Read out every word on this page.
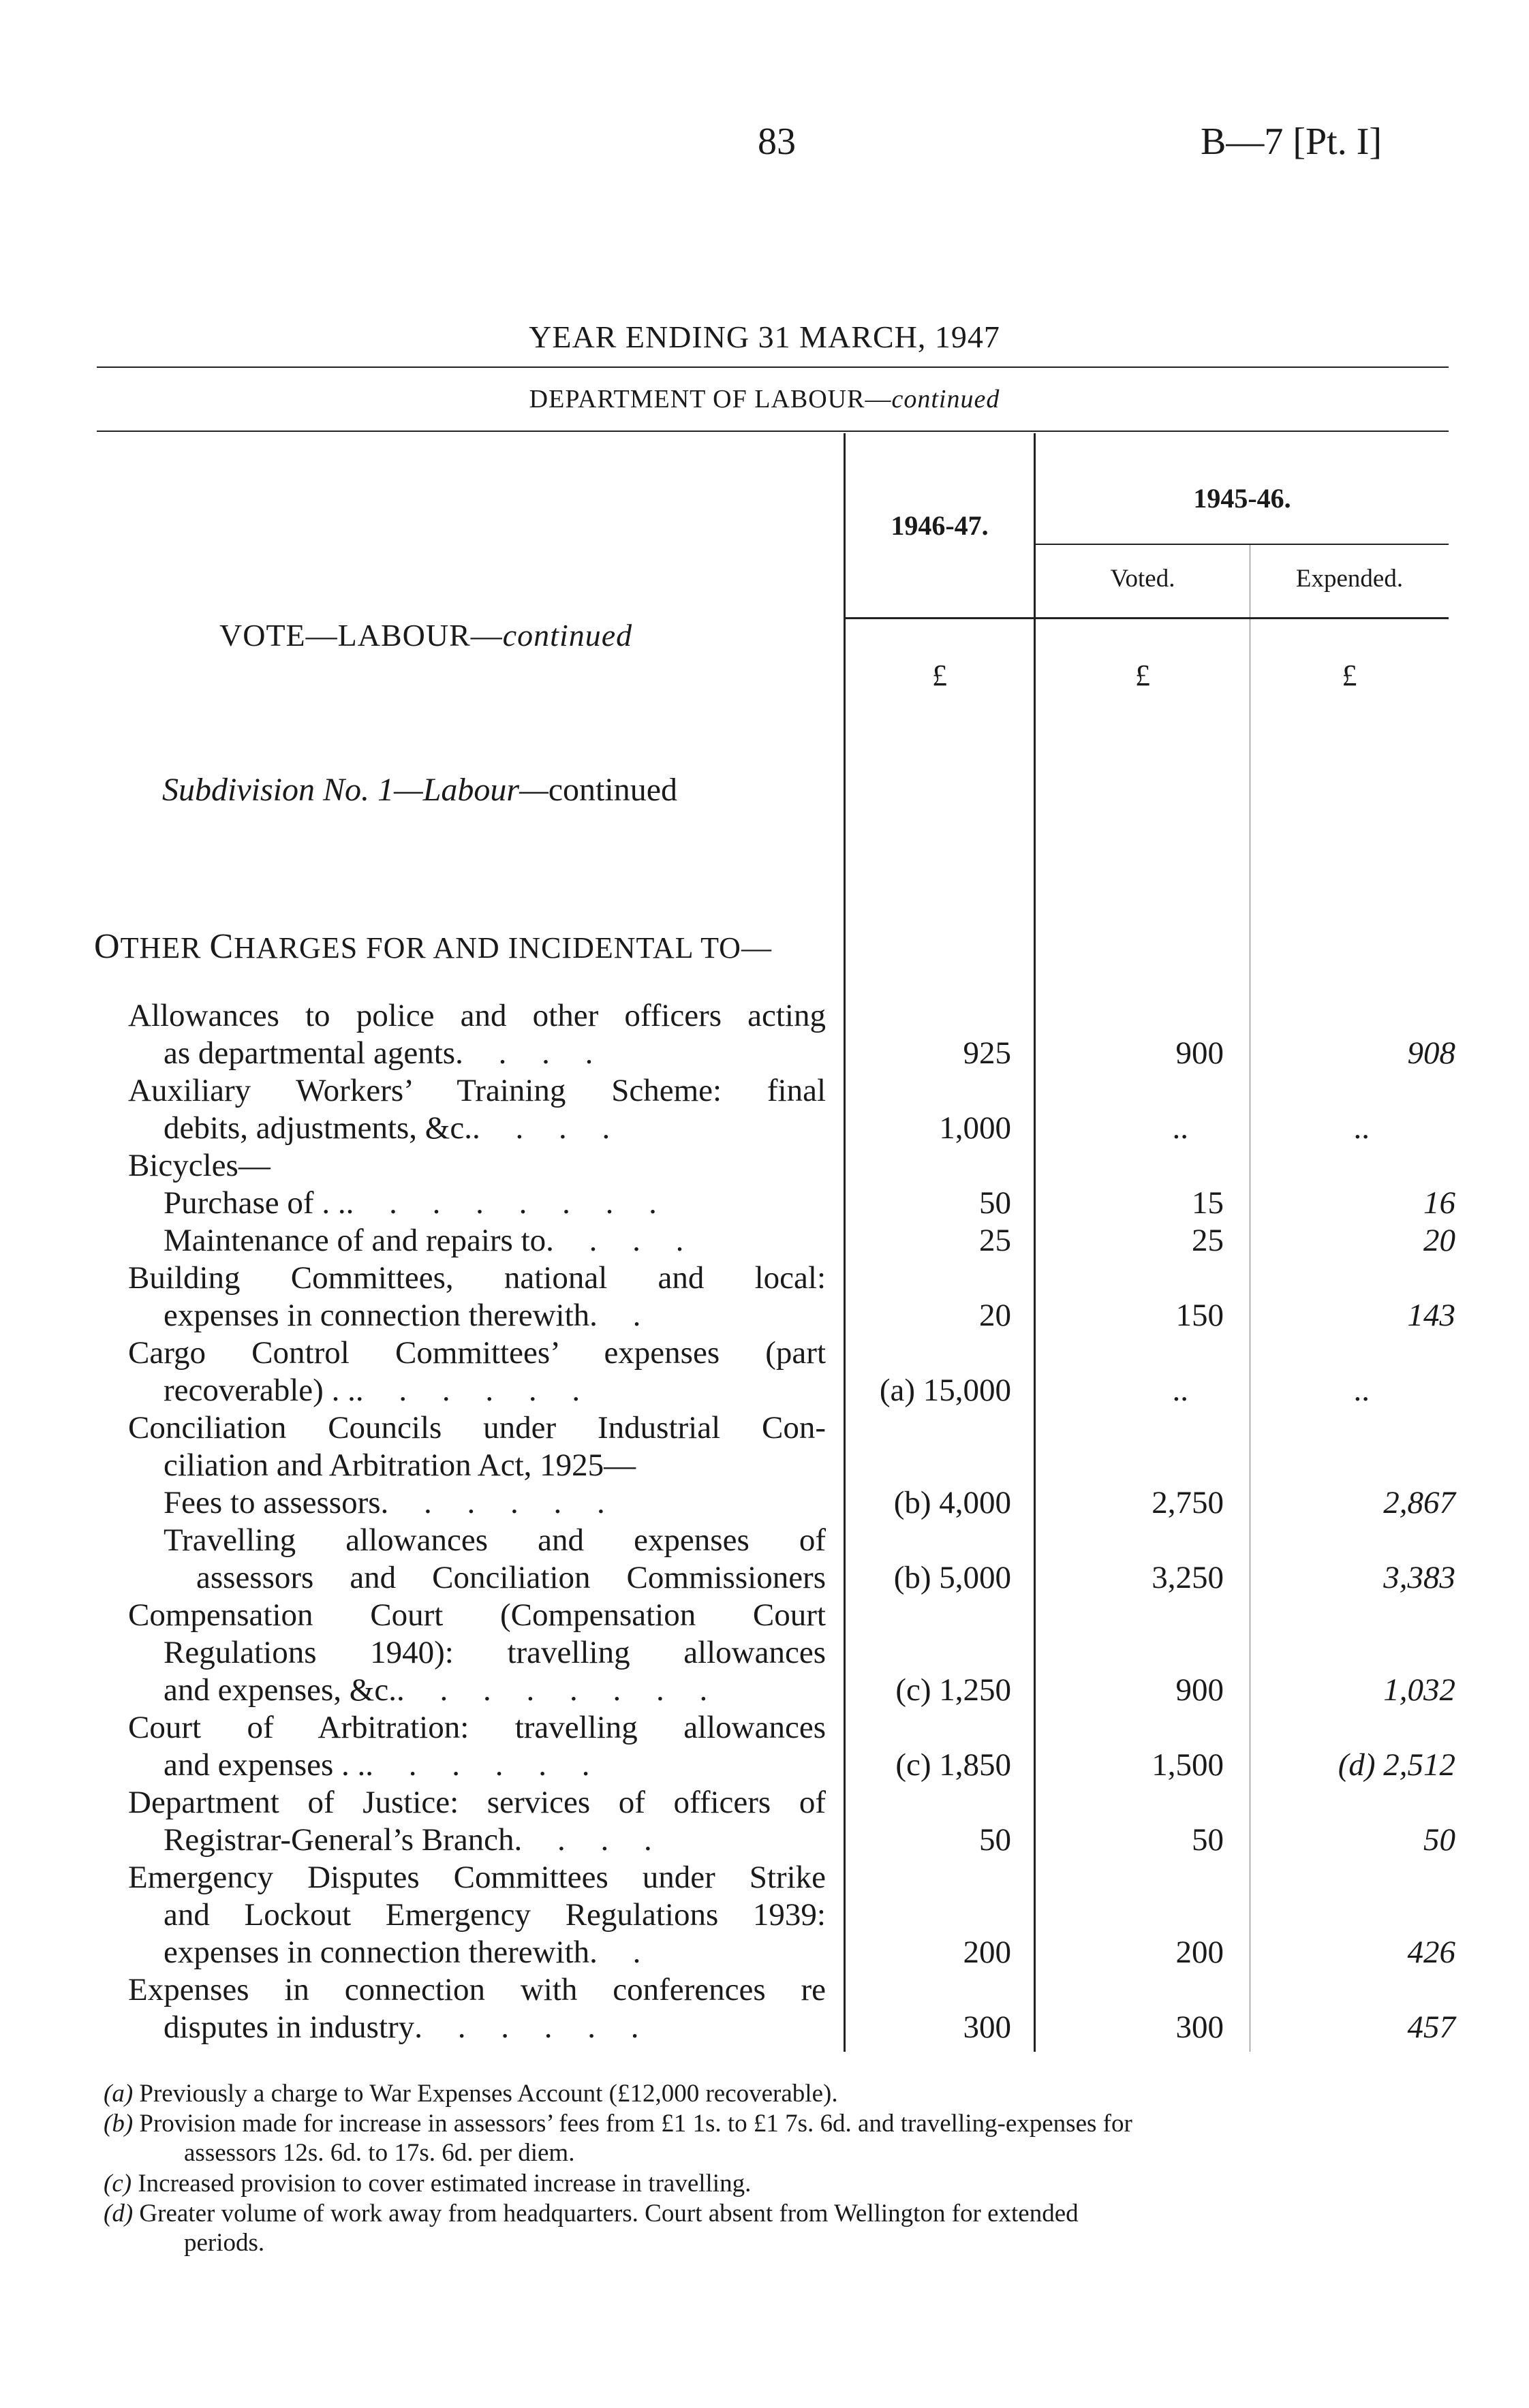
83	B—7 [Pt. I]
YEAR ENDING 31 MARCH, 1947
DEPARTMENT OF LABOUR—continued
1946-47.
1945-46.
Voted.	Expended.
£	£	£
VOTE—LABOUR—continued
Subdivision No. 1—Labour—continued
OTHER CHARGES FOR AND INCIDENTAL TO—
Allowances to police and other officers acting
as departmental agents . . . .	925	900	908
Auxiliary Workers’ Training Scheme: final
debits, adjustments, &c. . . . .	1,000	..	..
Bicycles—
Purchase of . . . . . . . . . .	50	15	16
Maintenance of and repairs to . . . .	25	25	20
Building Committees, national and local:
expenses in connection therewith . .	20	150	143
Cargo Control Committees’ expenses (part
recoverable) . . . . . . . .	(a) 15,000	..	..
Conciliation Councils under Industrial Con-
ciliation and Arbitration Act, 1925—
Fees to assessors . . . . . .	(b) 4,000	2,750	2,867
Travelling allowances and expenses of
assessors and Conciliation Commissioners (b) 5,000	3,250	3,383
Compensation Court (Compensation Court
Regulations 1940): travelling allowances
and expenses, &c. . . . . . . . .	(c) 1,250	900	1,032
Court of Arbitration: travelling allowances
and expenses . . . . . . . .	(c) 1,850	1,500	(d) 2,512
Department of Justice: services of officers of
Registrar-General’s Branch . . . .	50	50	50
Emergency Disputes Committees under Strike
and Lockout Emergency Regulations 1939:
expenses in connection therewith . .	200	200	426
Expenses in connection with conferences re
disputes in industry . . . . . .	300	300	457
(a) Previously a charge to War Expenses Account (£12,000 recoverable).
(b) Provision made for increase in assessors’ fees from £1 1s. to £1 7s. 6d. and travelling-expenses for
assessors 12s. 6d. to 17s. 6d. per diem.
(c) Increased provision to cover estimated increase in travelling.
(d) Greater volume of work away from headquarters. Court absent from Wellington for extended
periods.
